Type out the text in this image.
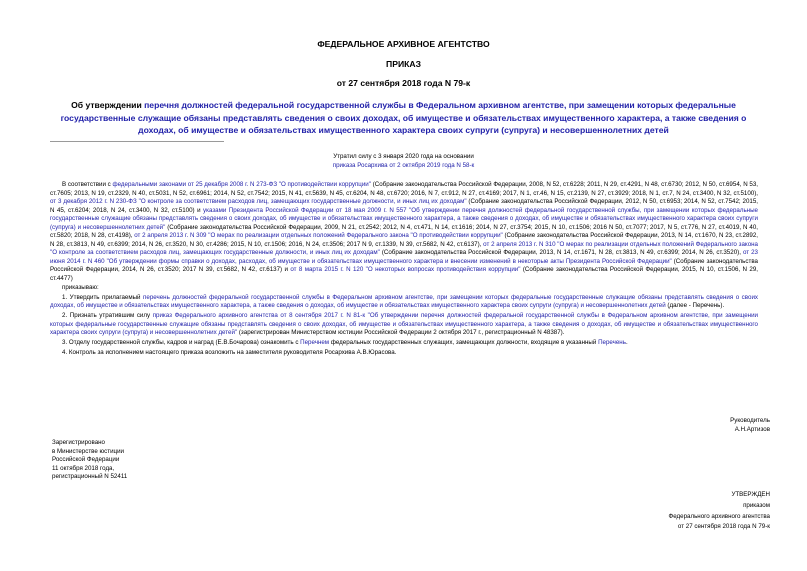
ФЕДЕРАЛЬНОЕ АРХИВНОЕ АГЕНТСТВО
ПРИКАЗ
от 27 сентября 2018 года N 79-к
Об утверждении перечня должностей федеральной государственной службы в Федеральном архивном агентстве, при замещении которых федеральные государственные служащие обязаны представлять сведения о своих доходах, об имуществе и обязательствах имущественного характера, а также сведения о доходах, об имуществе и обязательствах имущественного характера своих супруги (супруга) и несовершеннолетних детей
Утратил силу с 3 января 2020 года на основании
приказа Росархива от 2 октября 2019 года N 58-к

В соответствии с федеральными законами от 25 декабря 2008 г. N 273-ФЗ "О противодействии коррупции" (Собрание законодательства Российской Федерации, 2008, N 52, ст.6228; 2011, N 29, ст.4291, N 48, ст.6730; 2012, N 50, ст.6954, N 53, ст.7605; 2013, N 19, ст.2329, N 40, ст.5031, N 52, ст.6961; 2014, N 52, ст.7542; 2015, N 41, ст.5639, N 45, ст.6204, N 48, ст.6720; 2016, N 7, ст.912, N 27, ст.4169; 2017, N 1, ст.46, N 15, ст.2139, N 27, ст.3929; 2018, N 1, ст.7, N 24, ст.3400, N 32, ст.5100), от 3 декабря 2012 г. N 230-ФЗ "О контроле за соответствием расходов лиц, замещающих государственные должности, и иных лиц их доходам" (Собрание законодательства Российской Федерации, 2012, N 50, ст.6953; 2014, N 52, ст.7542; 2015, N 45, ст.6204; 2018, N 24, ст.3400, N 32, ст.5100) и указами Президента Российской Федерации от 18 мая 2009 г. N 557 "Об утверждении перечня должностей федеральной государственной службы, при замещении которых федеральные государственные служащие обязаны представлять сведения о своих доходах, об имуществе и обязательствах имущественного характера, а также сведения о доходах, об имуществе и обязательствах имущественного характера своих супруги (супруга) и несовершеннолетних детей" (Собрание законодательства Российской Федерации, 2009, N 21, ст.2542; 2012, N 4, ст.471, N 14, ст.1616; 2014, N 27, ст.3754; 2015, N 10, ст.1506; 2016 N 50, ст.7077; 2017, N 5, ст.776, N 27, ст.4019, N 40, ст.5820; 2018, N 28, ст.4198), от 2 апреля 2013 г. N 309 "О мерах по реализации отдельных положений Федерального закона "О противодействии коррупции" (Собрание законодательства Российской Федерации, 2013, N 14, ст.1670, N 23, ст.2892, N 28, ст.3813, N 49, ст.6399; 2014, N 26, ст.3520, N 30, ст.4286; 2015, N 10, ст.1506; 2016, N 24, ст.3506; 2017 N 9, ст.1339, N 39, ст.5682, N 42, ст.6137), от 2 апреля 2013 г. N 310 "О мерах по реализации отдельных положений Федерального закона "О контроле за соответствием расходов лиц, замещающих государственные должности, и иных лиц их доходам" (Собрание законодательства Российской Федерации, 2013, N 14, ст.1671, N 28, ст.3813, N 49, ст.6399; 2014, N 26, ст.3520), от 23 июня 2014 г. N 460 "Об утверждении формы справки о доходах, расходах, об имуществе и обязательствах имущественного характера и внесении изменений в некоторые акты Президента Российской Федерации" (Собрание законодательства Российской Федерации, 2014, N 26, ст.3520; 2017 N 39, ст.5682, N 42, ст.6137) и от 8 марта 2015 г. N 120 "О некоторых вопросах противодействия коррупции" (Собрание законодательства Российской Федерации, 2015, N 10, ст.1506, N 29, ст.4477)

приказываю:

1. Утвердить прилагаемый перечень должностей федеральной государственной службы в Федеральном архивном агентстве, при замещении которых федеральные государственные служащие обязаны представлять сведения о своих доходах, об имуществе и обязательствах имущественного характера, а также сведения о доходах, об имуществе и обязательствах имущественного характера своих супруги (супруга) и несовершеннолетних детей (далее - Перечень).

2. Признать утратившим силу приказ Федерального архивного агентства от 8 сентября 2017 г. N 81-к "Об утверждении перечня должностей федеральной государственной службы в Федеральном архивном агентстве, при замещении которых федеральные государственные служащие обязаны представлять сведения о своих доходах, об имуществе и обязательствах имущественного характера, а также сведения о доходах, об имуществе и обязательствах имущественного характера своих супруги (супруга) и несовершеннолетних детей" (зарегистрирован Министерством юстиции Российской Федерации 2 октября 2017 г., регистрационный N 48387).

3. Отделу государственной службы, кадров и наград (Е.В.Бочарова) ознакомить с Перечнем федеральных государственных служащих, замещающих должности, входящие в указанный Перечень.

4. Контроль за исполнением настоящего приказа возложить на заместителя руководителя Росархива А.В.Юрасова.

Руководитель
А.Н.Артизов
Зарегистрировано
в Министерстве юстиции
Российской Федерации
11 октября 2018 года,
регистрационный N 52411
УТВЕРЖДЕН
приказом
Федерального архивного агентства
от 27 сентября 2018 года N 79-к
